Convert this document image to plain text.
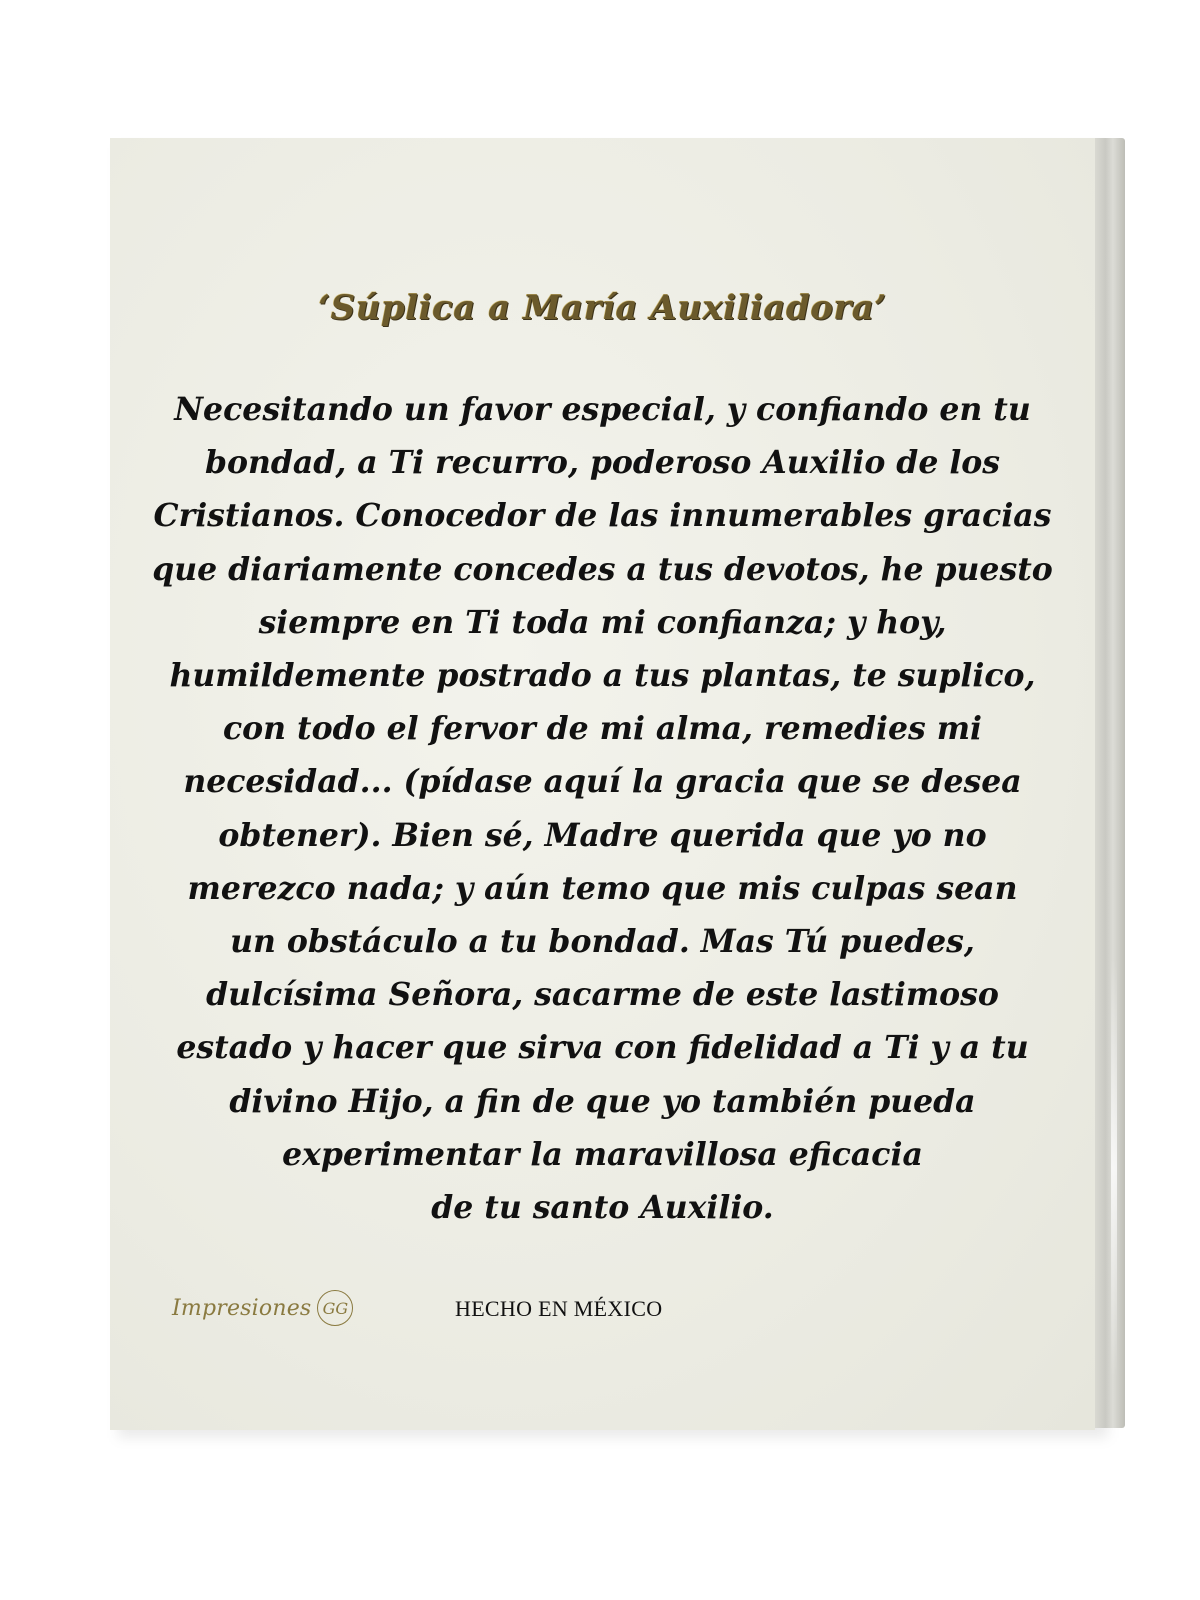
‘Súplica a María Auxiliadora’

Necesitando un favor especial, y confiando en tu
bondad, a Ti recurro, poderoso Auxilio de los
Cristianos. Conocedor de las innumerables gracias
que diariamente concedes a tus devotos, he puesto
siempre en Ti toda mi confianza; y hoy,
humildemente postrado a tus plantas, te suplico,
con todo el fervor de mi alma, remedies mi
necesidad... (pídase aquí la gracia que se desea
obtener). Bien sé, Madre querida que yo no
merezco nada; y aún temo que mis culpas sean
un obstáculo a tu bondad. Mas Tú puedes,
dulcísima Señora, sacarme de este lastimoso
estado y hacer que sirva con fidelidad a Ti y a tu
divino Hijo, a fin de que yo también pueda
experimentar la maravillosa eficacia
de tu santo Auxilio.

Impresiones GG	HECHO EN MÉXICO
